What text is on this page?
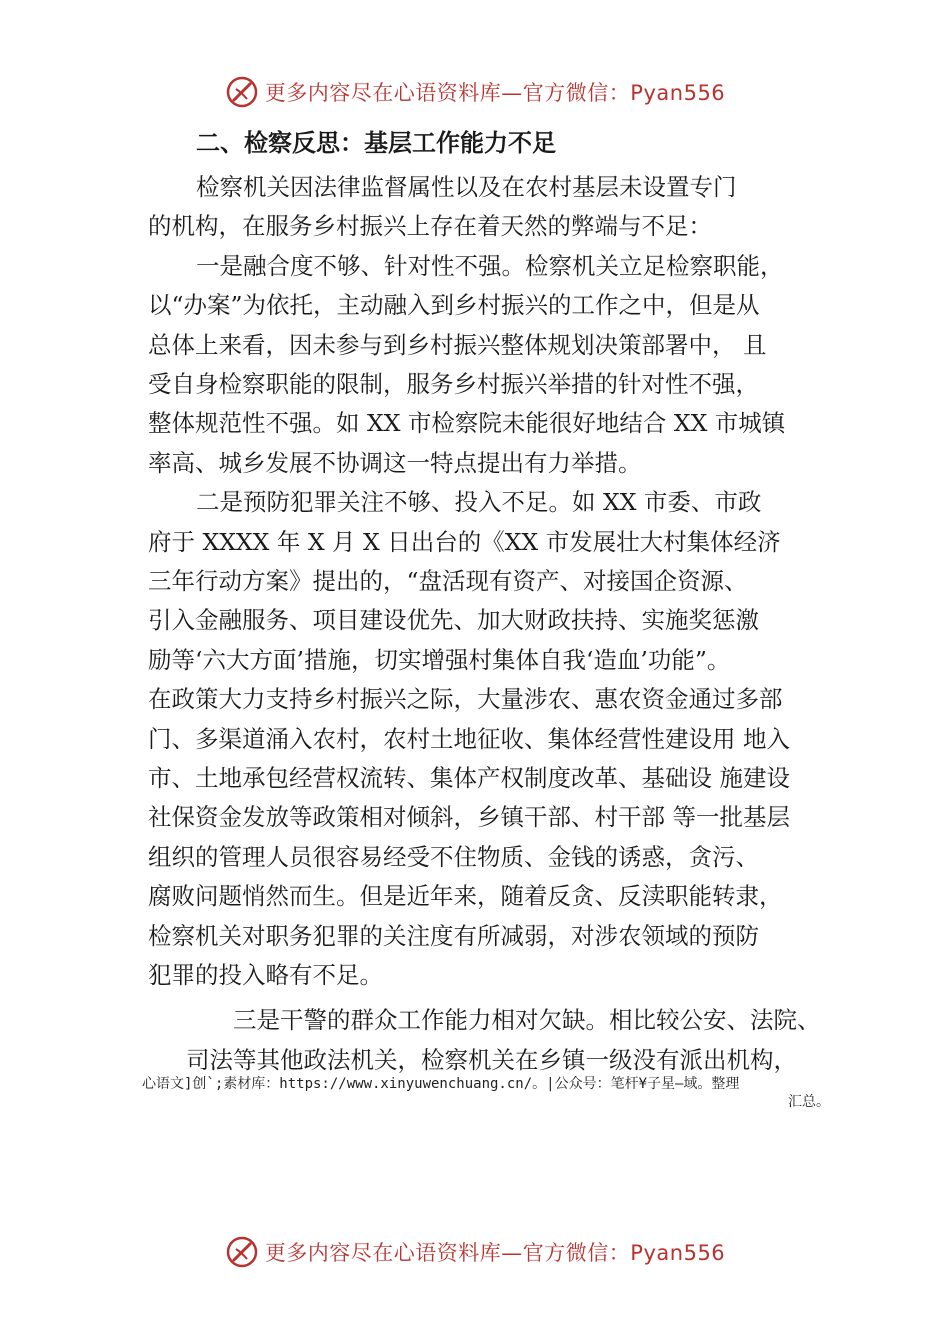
更多内容尽在心语资料库—官方微信：Pyan556
二、检察反思：基层工作能力不足
检察机关因法律监督属性以及在农村基层未设置专门
的机构，在服务乡村振兴上存在着天然的弊端与不足：
一是融合度不够、针对性不强。检察机关立足检察职能，
以“办案”为依托，主动融入到乡村振兴的工作之中，但是从
总体上来看，因未参与到乡村振兴整体规划决策部署中， 且
受自身检察职能的限制，服务乡村振兴举措的针对性不强，
整体规范性不强。如 XX 市检察院未能很好地结合 XX 市城镇
率高、城乡发展不协调这一特点提出有力举措。
二是预防犯罪关注不够、投入不足。如 XX 市委、市政
府于 XXXX 年 X 月 X 日出台的《XX 市发展壮大村集体经济
三年行动方案》提出的，“盘活现有资产、对接国企资源、
引入金融服务、项目建设优先、加大财政扶持、实施奖惩激
励等‘六大方面’措施，切实增强村集体自我‘造血’功能”。
在政策大力支持乡村振兴之际，大量涉农、惠农资金通过多部
门、多渠道涌入农村，农村土地征收、集体经营性建设用 地入
市、土地承包经营权流转、集体产权制度改革、基础设 施建设
社保资金发放等政策相对倾斜，乡镇干部、村干部 等一批基层
组织的管理人员很容易经受不住物质、金钱的诱惑，贪污、
腐败问题悄然而生。但是近年来，随着反贪、反渎职能转隶，
检察机关对职务犯罪的关注度有所减弱，对涉农领域的预防
犯罪的投入略有不足。
三是干警的群众工作能力相对欠缺。相比较公安、法院、
司法等其他政法机关，检察机关在乡镇一级没有派出机构，
心语文]创`;素材库：https://www.xinyuwenchuang.cn/。|公众号：笔杆¥子星—域。整理
汇总。
更多内容尽在心语资料库—官方微信：Pyan556
